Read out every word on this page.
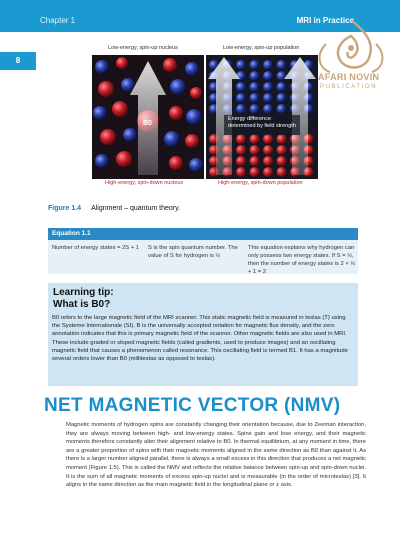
Chapter 1	MRI in Practice
8
AFARI NOVIN
PUBLICATION
Low-energy, spin-up nucleus
High-energy, spin-down nucleus
Low-energy, spin-up population
High-energy, spin-down population
B0
Energy difference determined by field strength
Figure 1.4 Alignment – quantum theory.
Equation 1.1
Number of energy states = 2S + 1	S is the spin quantum number. The value of S for hydrogen is ½
This equation explains why hydrogen can only possess two energy states. If S = ½, then the number of energy states is 2 × ½ + 1 = 2
Learning tip:
What is B0?
B0 refers to the large magnetic field of the MRI scanner. This static magnetic field is measured in teslas (T) using the Systeme Internationale (SI). B is the universally accepted notation for magnetic flux density, and the zero annotation indicates that this is primary magnetic field of the scanner. Other magnetic fields are also used in MRI. These include graded or sloped magnetic fields (called gradients, used to produce images) and an oscillating magnetic field that causes a phenomenon called resonance. This oscillating field is termed B1. It has a magnitude several orders lower than B0 (millitestas as opposed to teslas).
NET MAGNETIC VECTOR (NMV)
Magnetic moments of hydrogen spins are constantly changing their orientation because, due to Zeeman interaction, they are always moving between high- and low-energy states. Spins gain and lose energy, and their magnetic moments therefore constantly alter their alignment relative to B0. In thermal equilibrium, at any moment in time, there are a greater proportion of spins with their magnetic moments aligned in the same direction as B0 than against it. As there is a larger number aligned parallel, there is always a small excess in this direction that produces a net magnetic moment (Figure 1.5). This is called the NMV and reflects the relative balance between spin-up and spin-down nuclei. It is the sum of all magnetic moments of excess spin-up nuclei and is measurable (in the order of microteslas) [3]. It aligns in the same direction as the main magnetic field in the longitudinal plane or z axis.
